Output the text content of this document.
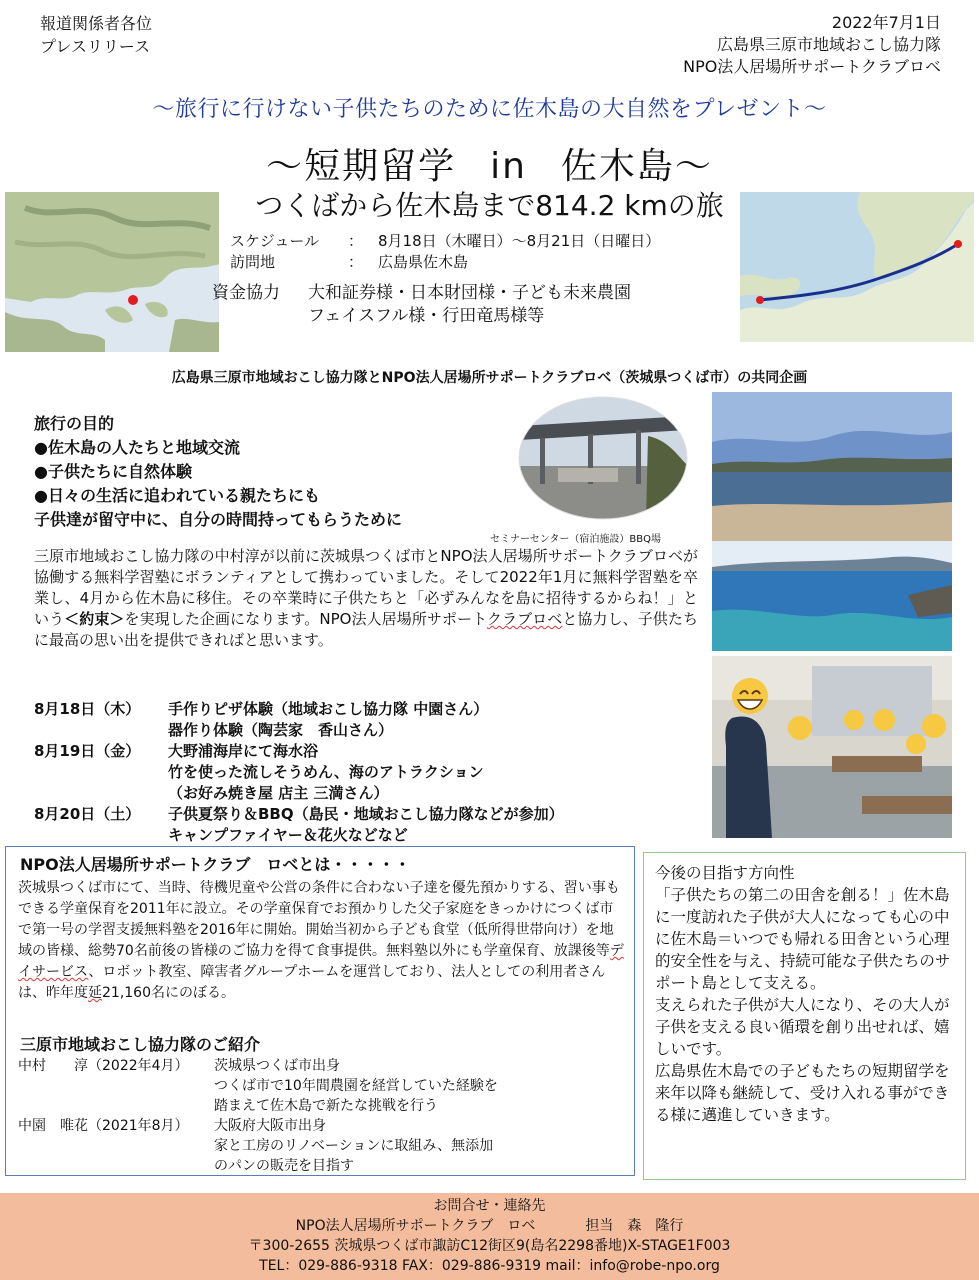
報道関係者各位
プレスリリース
2022年7月1日
広島県三原市地域おこし協力隊
NPO法人居場所サポートクラブロベ
〜旅行に行けない子供たちのために佐木島の大自然をプレゼント〜
〜短期留学 in 佐木島〜
つくばから佐木島まで814.2 kmの旅
スケジュール	： 8月18日（木曜日）〜8月21日（日曜日）
訪問地	： 広島県佐木島
資金協力 大和証券様・日本財団様・子ども未来農園
フェイスフル様・行田竜馬様等
広島県三原市地域おこし協力隊とNPO法人居場所サポートクラブロベ（茨城県つくば市）の共同企画
旅行の目的
●佐木島の人たちと地域交流
●子供たちに自然体験
●日々の生活に追われている親たちにも
子供達が留守中に、自分の時間持ってもらうために
セミナーセンター（宿泊施設）BBQ場
三原市地域おこし協力隊の中村淳が以前に茨城県つくば市とNPO法人居場所サポートクラブロベが協働する無料学習塾にボランティアとして携わっていました。そして2022年1月に無料学習塾を卒業し、4月から佐木島に移住。その卒業時に子供たちと「必ずみんなを島に招待するからね！」という＜約束＞を実現した企画になります。NPO法人居場所サポートクラブロベと協力し、子供たちに最高の思い出を提供できればと思います。
8月18日（木）	手作りピザ体験（地域おこし協力隊 中園さん）
器作り体験（陶芸家　香山さん）
8月19日（金）	大野浦海岸にて海水浴
竹を使った流しそうめん、海のアトラクション
（お好み焼き屋 店主 三満さん）
8月20日（土）	子供夏祭り＆BBQ（島民・地域おこし協力隊などが参加）
キャンプファイヤー＆花火などなど
NPO法人居場所サポートクラブ　ロベとは・・・・・
茨城県つくば市にて、当時、待機児童や公営の条件に合わない子達を優先預かりする、習い事もできる学童保育を2011年に設立。その学童保育でお預かりした父子家庭をきっかけにつくば市で第一号の学習支援無料塾を2016年に開始。開始当初から子ども食堂（低所得世帯向け）を地域の皆様、総勢70名前後の皆様のご協力を得て食事提供。無料塾以外にも学童保育、放課後等デイサービス、ロボット教室、障害者グループホームを運営しており、法人としての利用者さんは、昨年度延21,160名にのぼる。
三原市地域おこし協力隊のご紹介
中村　　淳（2022年4月）	茨城県つくば市出身
つくば市で10年間農園を経営していた経験を
踏まえて佐木島で新たな挑戦を行う
中園　唯花（2021年8月）	大阪府大阪市出身
家と工房のリノベーションに取組み、無添加
のパンの販売を目指す
今後の目指す方向性
「子供たちの第二の田舎を創る！」佐木島に一度訪れた子供が大人になっても心の中に佐木島＝いつでも帰れる田舎という心理的安全性を与え、持続可能な子供たちのサポート島として支える。
支えられた子供が大人になり、その大人が子供を支える良い循環を創り出せれば、嬉しいです。
広島県佐木島での子どもたちの短期留学を来年以降も継続して、受け入れる事ができる様に邁進していきます。
お問合せ・連絡先
NPO法人居場所サポートクラブ　ロベ	担当　森　隆行
〒300-2655 茨城県つくば市諏訪C12街区9(島名2298番地)X-STAGE1F003
TEL：029-886-9318 FAX：029-886-9319 mail：info@robe-npo.org
